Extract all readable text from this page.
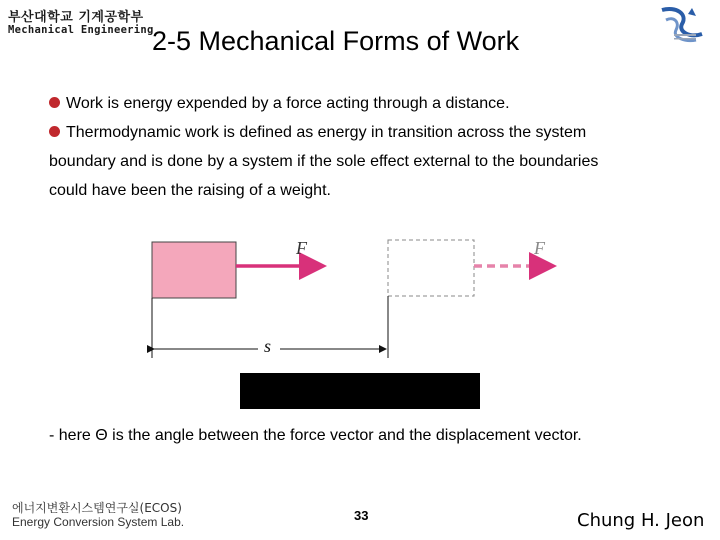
부산대학교 기계공학부
Mechanical Engineering
2-5 Mechanical Forms of Work
Work is energy expended by a force acting through a distance.
Thermodynamic work is defined as energy in transition across the system
boundary and is done by a system if the sole effect external to the boundaries
could have been the raising of a weight.
F	F
s
- here Θ is the angle between the force vector and the displacement vector.
에너지변환시스템연구실(ECOS)
Energy Conversion System Lab.	33	Chung H. Jeon
